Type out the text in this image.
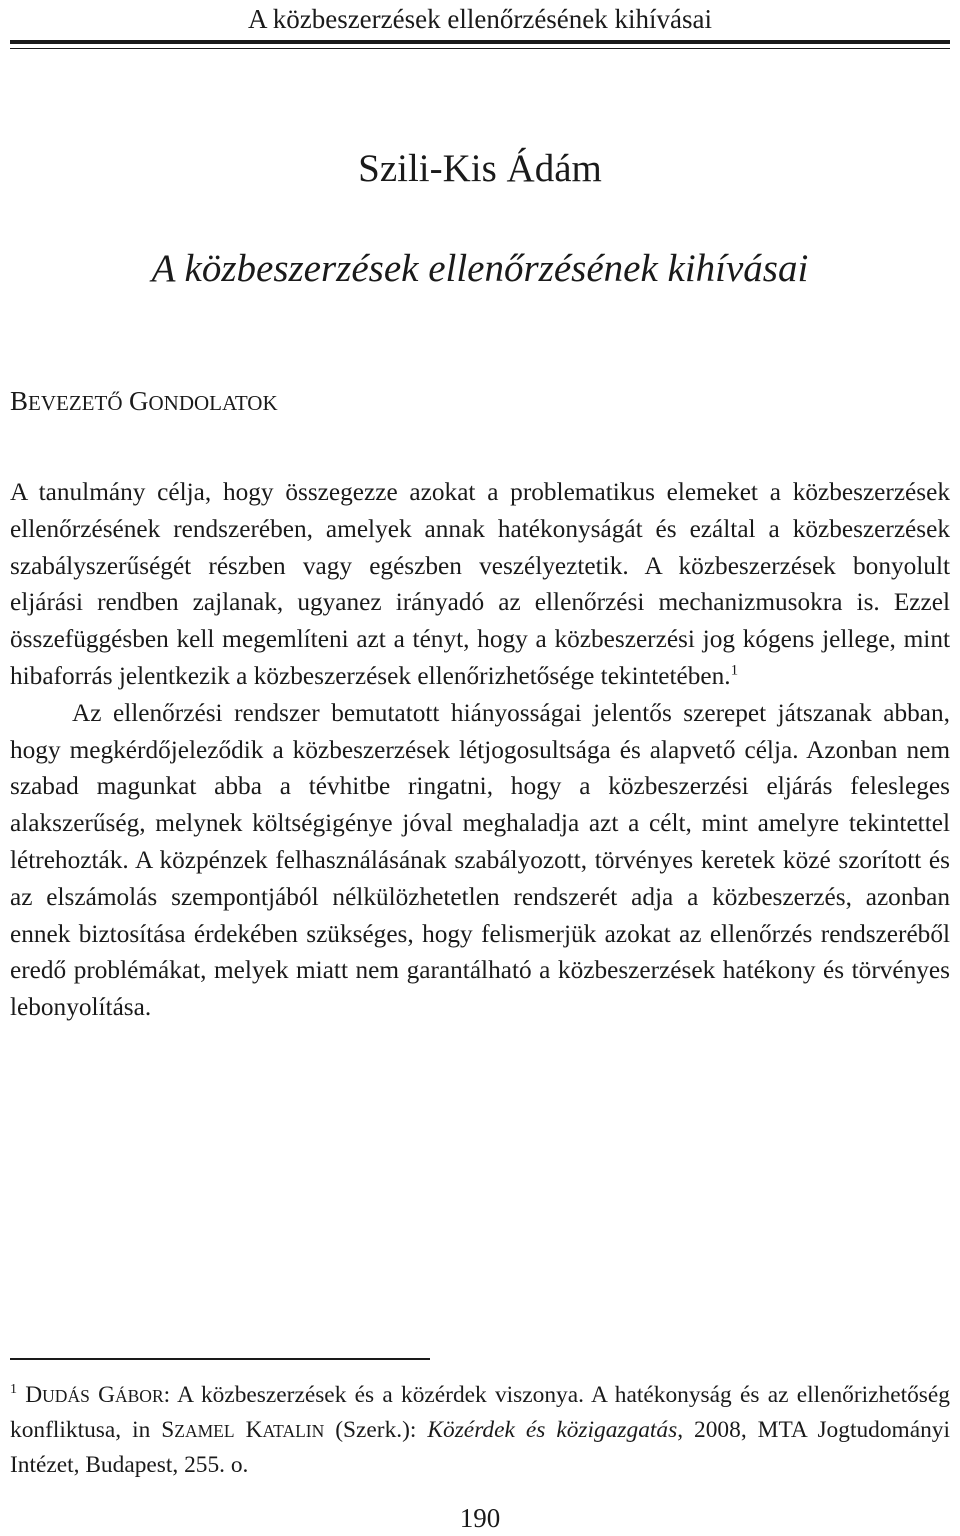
A közbeszerzések ellenőrzésének kihívásai
Szili-Kis Ádám
A közbeszerzések ellenőrzésének kihívásai
BEVEZETŐ GONDOLATOK

A tanulmány célja, hogy összegezze azokat a problematikus elemeket a közbeszerzések ellenőrzésének rendszerében, amelyek annak hatékonyságát és ezáltal a közbeszerzések szabályszerűségét részben vagy egészben veszélyeztetik. A közbeszerzések bonyolult eljárási rendben zajlanak, ugyanez irányadó az ellenőrzési mechanizmusokra is. Ezzel összefüggésben kell megemlíteni azt a tényt, hogy a közbeszerzési jog kógens jellege, mint hibaforrás jelentkezik a közbeszerzések ellenőrizhetősége tekintetében.$^1$

Az ellenőrzési rendszer bemutatott hiányosságai jelentős szerepet játszanak abban, hogy megkérdőjeleződik a közbeszerzések létjogosultsága és alapvető célja. Azonban nem szabad magunkat abba a tévhitbe ringatni, hogy a közbeszerzési eljárás felesleges alakszerűség, melynek költségigénye jóval meghaladja azt a célt, mint amelyre tekintettel létrehozták. A közpénzek felhasználásának szabályozott, törvényes keretek közé szorított és az elszámolás szempontjából nélkülözhetetlen rendszerét adja a közbeszerzés, azonban ennek biztosítása érdekében szükséges, hogy felismerjük azokat az ellenőrzés rendszeréből eredő problémákat, melyek miatt nem garantálható a közbeszerzések hatékony és törvényes lebonyolítása.

$^1$ DUDÁS GÁBOR: A közbeszerzések és a közérdek viszonya. A hatékonyság és az ellenőrizhetőség konfliktusa, in SZAMEL KATALIN (Szerk.): Közérdek és közigazgatás, 2008, MTA Jogtudományi Intézet, Budapest, 255. o.
190
